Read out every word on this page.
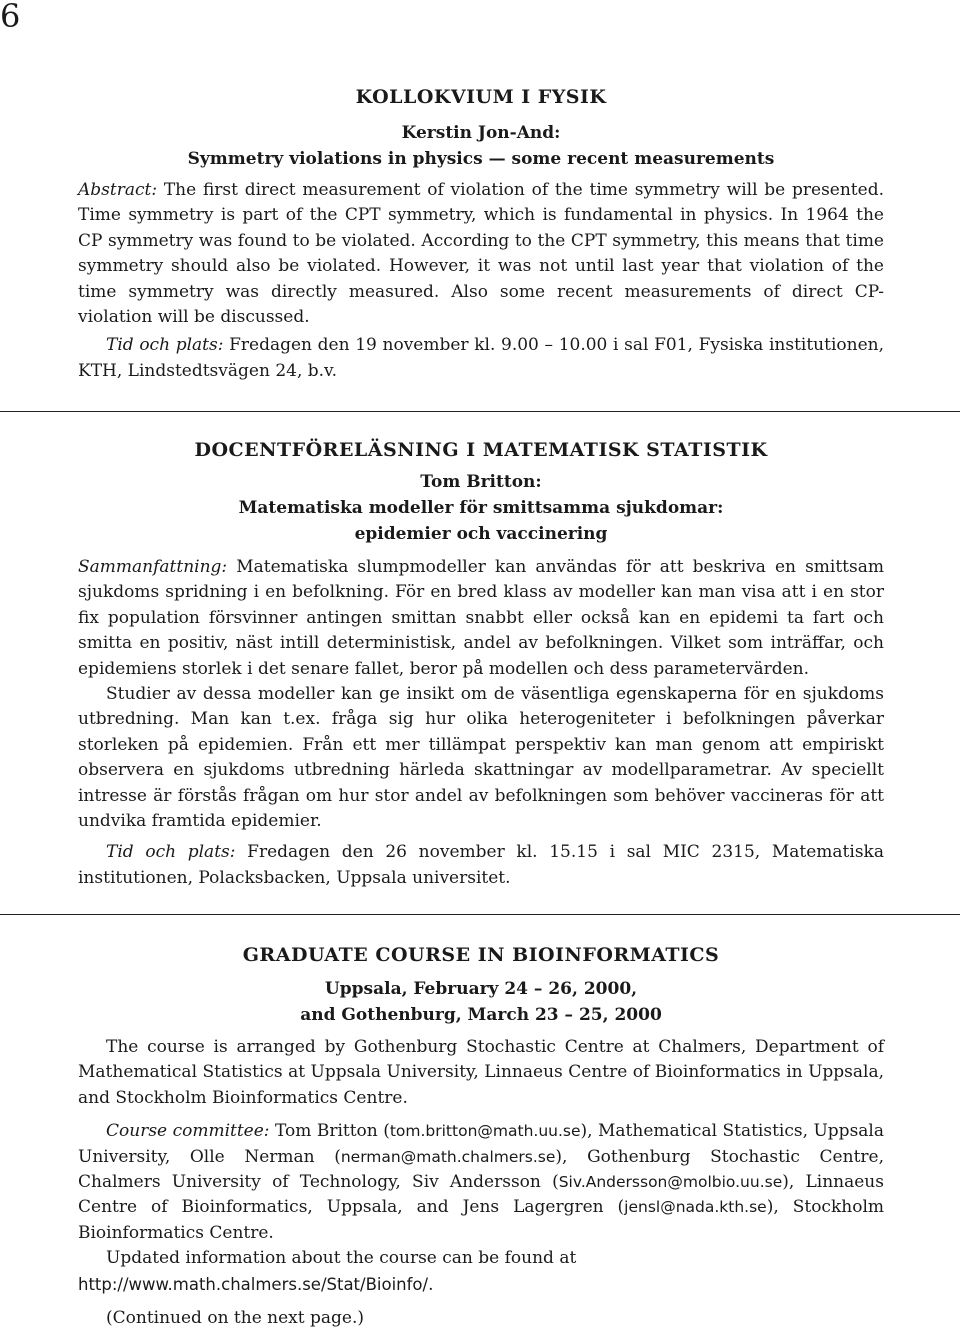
6
KOLLOKVIUM I FYSIK
Kerstin Jon-And:
Symmetry violations in physics — some recent measurements

Abstract: The first direct measurement of violation of the time symmetry will be presented. Time symmetry is part of the CPT symmetry, which is fundamental in physics. In 1964 the CP symmetry was found to be violated. According to the CPT symmetry, this means that time symmetry should also be violated. However, it was not until last year that violation of the time symmetry was directly measured. Also some recent measurements of direct CP-violation will be discussed.

Tid och plats: Fredagen den 19 november kl. 9.00 – 10.00 i sal F01, Fysiska institutionen, KTH, Lindstedtsvägen 24, b.v.

DOCENTFÖRELÄSNING I MATEMATISK STATISTIK
Tom Britton:
Matematiska modeller för smittsamma sjukdomar:
epidemier och vaccinering

Sammanfattning: Matematiska slumpmodeller kan användas för att beskriva en smittsam sjukdoms spridning i en befolkning. För en bred klass av modeller kan man visa att i en stor fix population försvinner antingen smittan snabbt eller också kan en epidemi ta fart och smitta en positiv, näst intill deterministisk, andel av befolkningen. Vilket som inträffar, och epidemiens storlek i det senare fallet, beror på modellen och dess parametervärden.

Studier av dessa modeller kan ge insikt om de väsentliga egenskaperna för en sjukdoms utbredning. Man kan t.ex. fråga sig hur olika heterogeniteter i befolkningen påverkar storleken på epidemien. Från ett mer tillämpat perspektiv kan man genom att empiriskt observera en sjukdoms utbredning härleda skattningar av modellparametrar. Av speciellt intresse är förstås frågan om hur stor andel av befolkningen som behöver vaccineras för att undvika framtida epidemier.

Tid och plats: Fredagen den 26 november kl. 15.15 i sal MIC 2315, Matematiska institutionen, Polacksbacken, Uppsala universitet.

GRADUATE COURSE IN BIOINFORMATICS
Uppsala, February 24 – 26, 2000,
and Gothenburg, March 23 – 25, 2000

The course is arranged by Gothenburg Stochastic Centre at Chalmers, Department of Mathematical Statistics at Uppsala University, Linnaeus Centre of Bioinformatics in Uppsala, and Stockholm Bioinformatics Centre.

Course committee: Tom Britton (tom.britton@math.uu.se), Mathematical Statistics, Uppsala University, Olle Nerman (nerman@math.chalmers.se), Gothenburg Stochastic Centre, Chalmers University of Technology, Siv Andersson (Siv.Andersson@molbio.uu.se), Linnaeus Centre of Bioinformatics, Uppsala, and Jens Lagergren (jensl@nada.kth.se), Stockholm Bioinformatics Centre.

Updated information about the course can be found at http://www.math.chalmers.se/Stat/Bioinfo/.

(Continued on the next page.)
